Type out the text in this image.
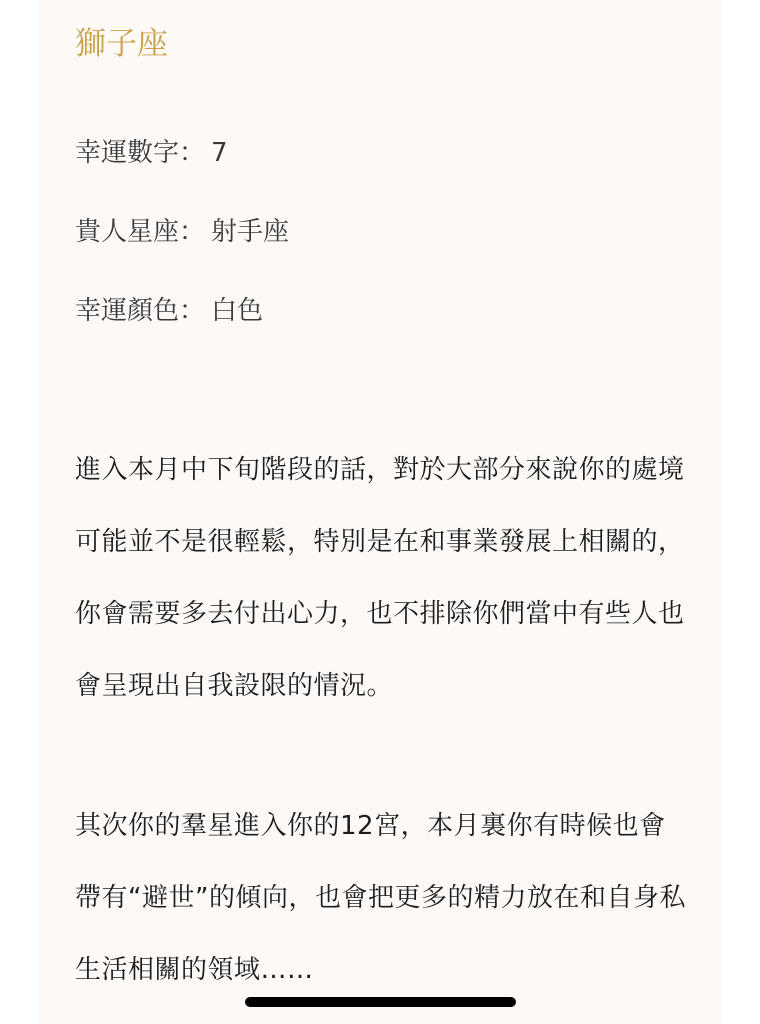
獅子座
幸運數字： 7
貴人星座： 射手座
幸運顏色： 白色

進入本月中下旬階段的話，對於大部分來說你的處境可能並不是很輕鬆，特別是在和事業發展上相關的，你會需要多去付出心力，也不排除你們當中有些人也會呈現出自我設限的情況。

其次你的羣星進入你的12宮，本月裏你有時候也會帶有“避世”的傾向，也會把更多的精力放在和自身私生活相關的領域……
